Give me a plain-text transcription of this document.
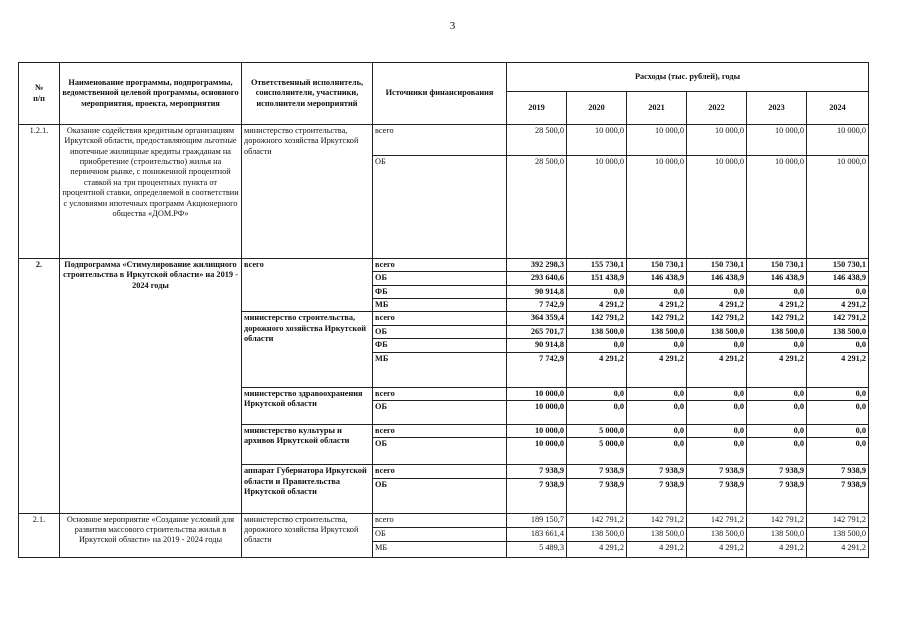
3
№
п/п	Наименование программы, подпрограммы, ведомственной целевой программы, основного мероприятия, проекта, мероприятия	Ответственный исполнитель, соисполнители, участники, исполнители мероприятий	Источники финансирования	Расходы (тыс. рублей), годы					
				2019	2020	2021	2022	2023	2024
1.2.1.	Оказание содействия кредитным организациям Иркутской области, предоставляющим льготные ипотечные жилищные кредиты гражданам на приобретение (строительство) жилья на первичном рынке, с пониженной процентной ставкой на три процентных пункта от процентной ставки, определяемой в соответствии с условиями ипотечных программ Акционерного общества «ДОМ.РФ»	министерство строительства, дорожного хозяйства Иркутской области	всего	28 500,0	10 000,0	10 000,0	10 000,0	10 000,0	10 000,0
			ОБ	28 500,0	10 000,0	10 000,0	10 000,0	10 000,0	10 000,0
2.	Подпрограмма «Стимулирование жилищного строительства в Иркутской области» на 2019 - 2024 годы	всего	всего	392 298,3	155 730,1	150 730,1	150 730,1	150 730,1	150 730,1
			ОБ	293 640,6	151 438,9	146 438,9	146 438,9	146 438,9	146 438,9
			ФБ	90 914,8	0,0	0,0	0,0	0,0	0,0
			МБ	7 742,9	4 291,2	4 291,2	4 291,2	4 291,2	4 291,2
		министерство строительства, дорожного хозяйства Иркутской области	всего	364 359,4	142 791,2	142 791,2	142 791,2	142 791,2	142 791,2
			ОБ	265 701,7	138 500,0	138 500,0	138 500,0	138 500,0	138 500,0
			ФБ	90 914,8	0,0	0,0	0,0	0,0	0,0
			МБ	7 742,9	4 291,2	4 291,2	4 291,2	4 291,2	4 291,2
		министерство здравоохранения Иркутской области	всего	10 000,0	0,0	0,0	0,0	0,0	0,0
			ОБ	10 000,0	0,0	0,0	0,0	0,0	0,0
		министерство культуры и архивов Иркутской области	всего	10 000,0	5 000,0	0,0	0,0	0,0	0,0
			ОБ	10 000,0	5 000,0	0,0	0,0	0,0	0,0
		аппарат Губернатора Иркутской области и Правительства Иркутской области	всего	7 938,9	7 938,9	7 938,9	7 938,9	7 938,9	7 938,9
			ОБ	7 938,9	7 938,9	7 938,9	7 938,9	7 938,9	7 938,9
2.1.	Основное мероприятие «Создание условий для развития массового строительства жилья в Иркутской области» на 2019 - 2024 годы	министерство строительства, дорожного хозяйства Иркутской области	всего	189 150,7	142 791,2	142 791,2	142 791,2	142 791,2	142 791,2
			ОБ	183 661,4	138 500,0	138 500,0	138 500,0	138 500,0	138 500,0
			МБ	5 489,3	4 291,2	4 291,2	4 291,2	4 291,2	4 291,2
